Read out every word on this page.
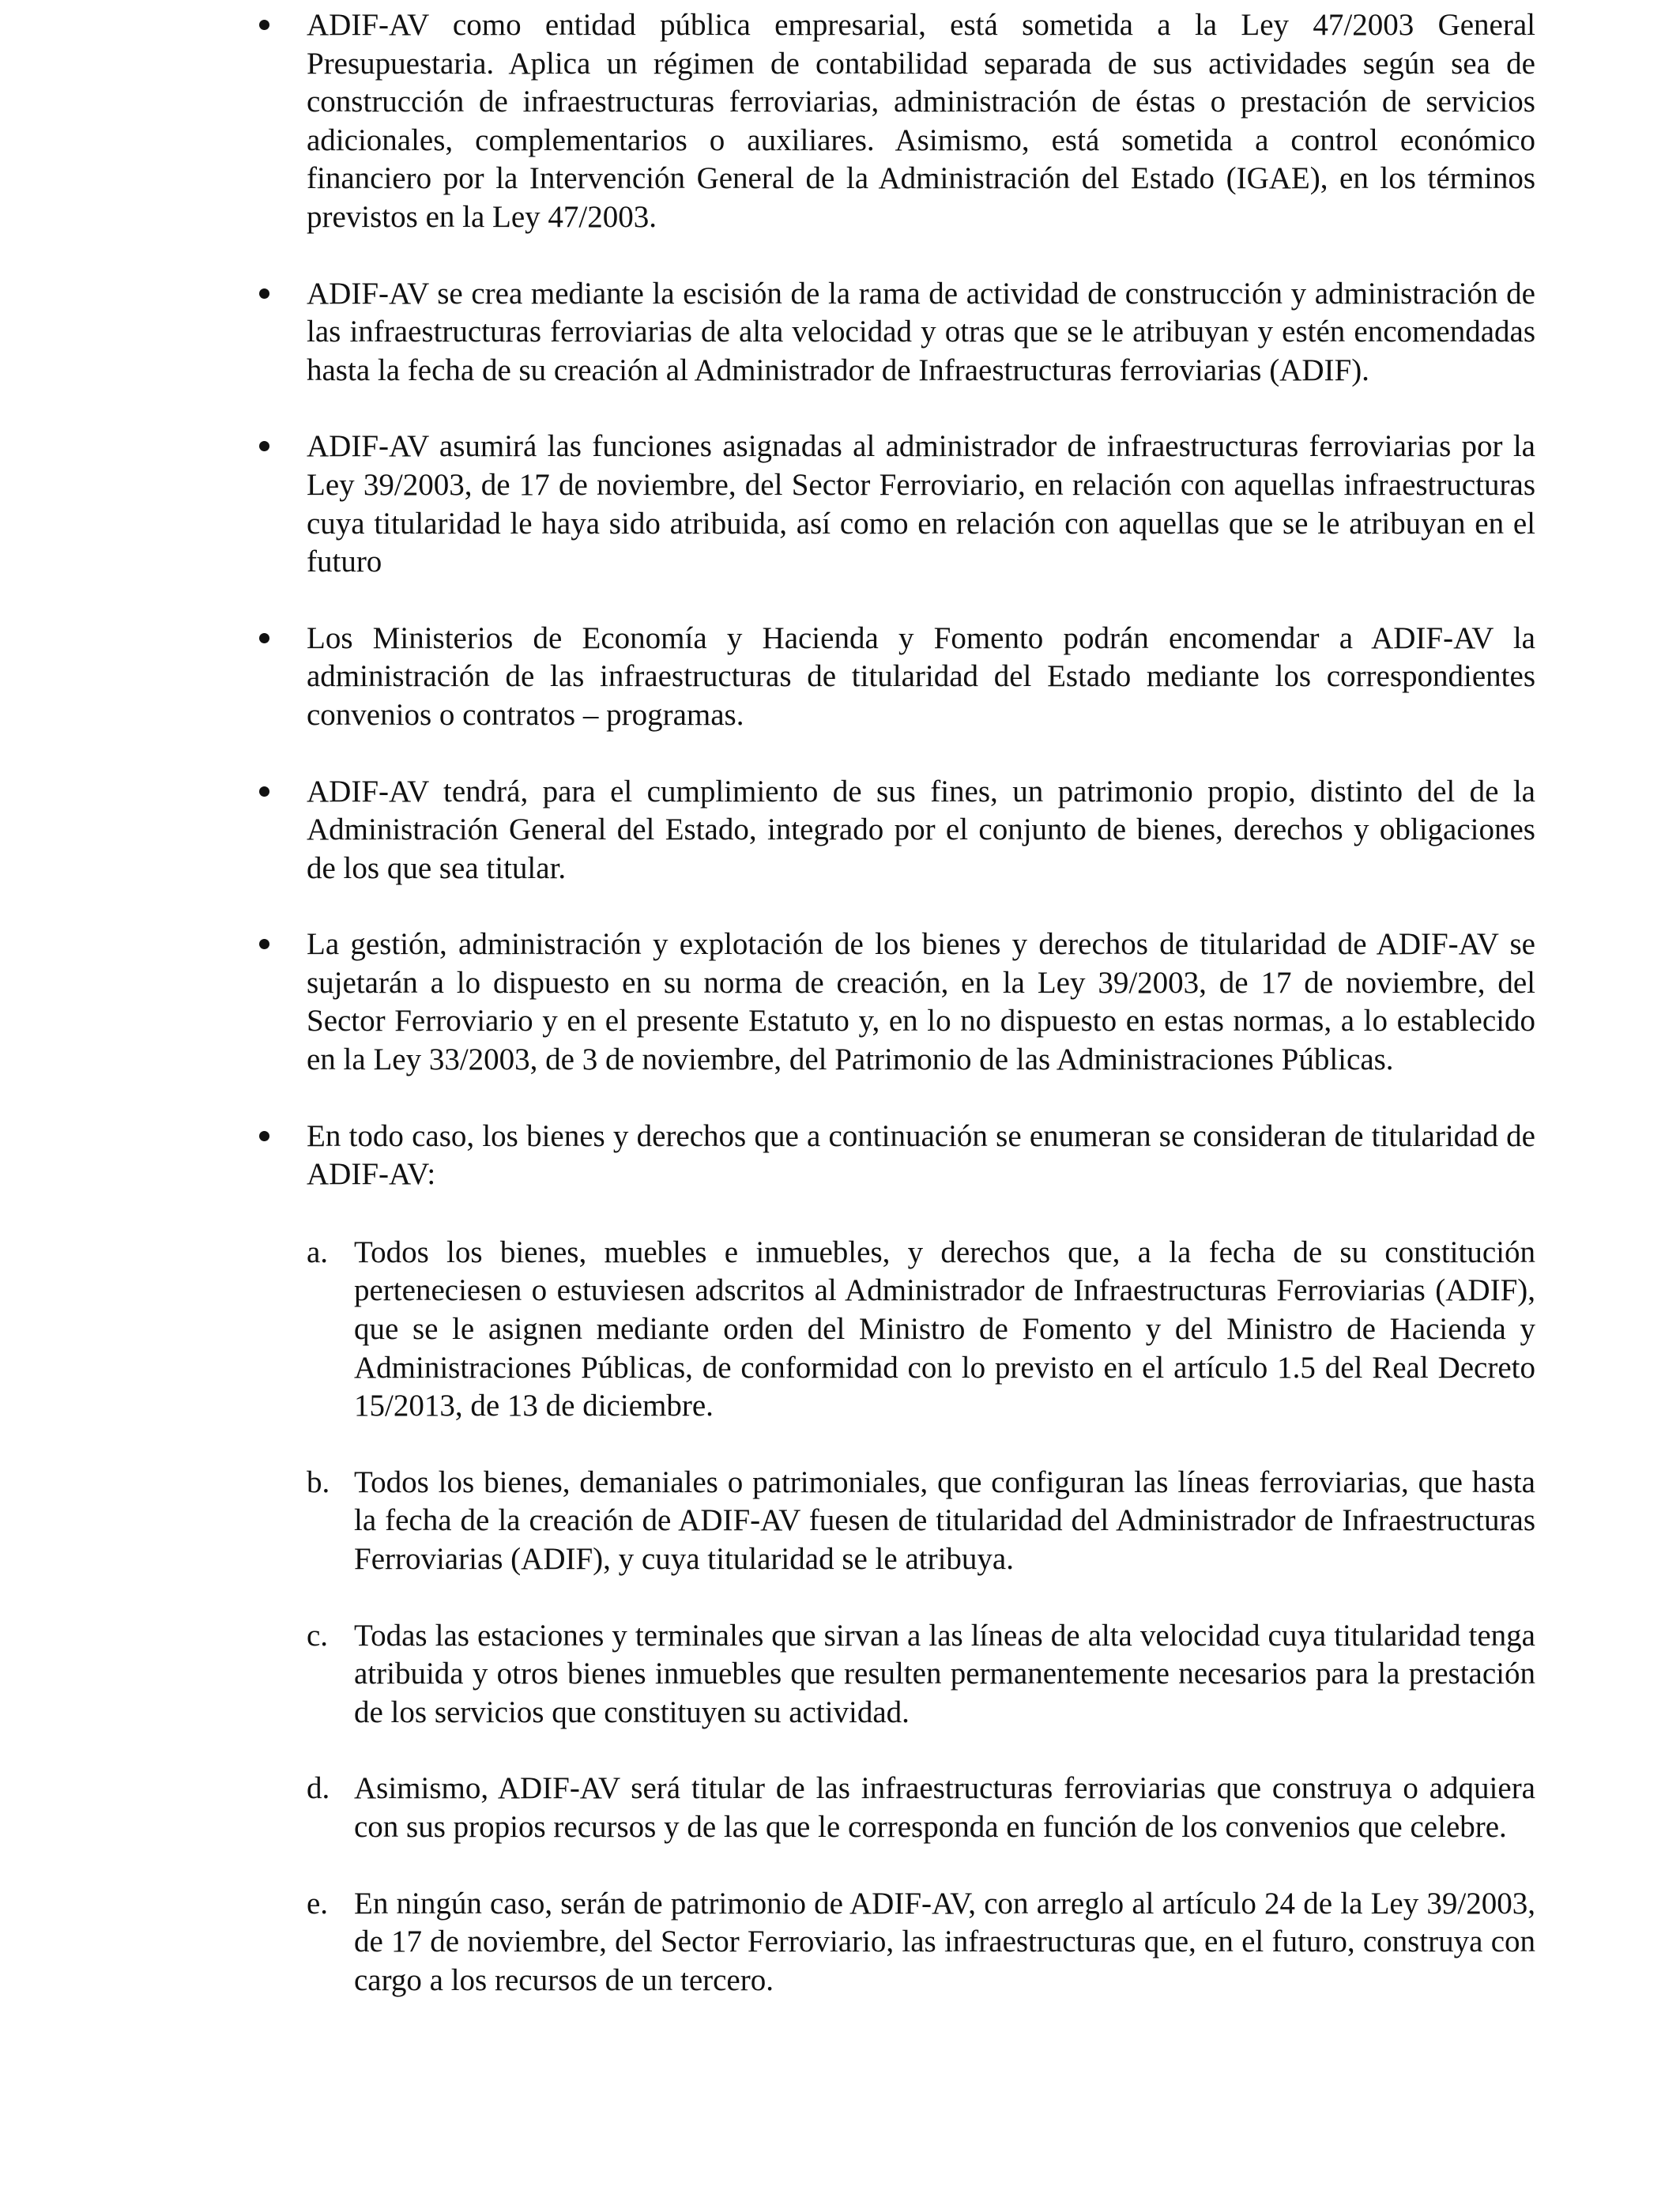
ADIF-AV como entidad pública empresarial, está sometida a la Ley 47/2003 General Presupuestaria. Aplica un régimen de contabilidad separada de sus actividades según sea de construcción de infraestructuras ferroviarias, administración de éstas o prestación de servicios adicionales, complementarios o auxiliares. Asimismo, está sometida a control económico financiero por la Intervención General de la Administración del Estado (IGAE), en los términos previstos en la Ley 47/2003.
ADIF-AV se crea mediante la escisión de la rama de actividad de construcción y administración de las infraestructuras ferroviarias de alta velocidad y otras que se le atribuyan y estén encomendadas hasta la fecha de su creación al Administrador de Infraestructuras ferroviarias (ADIF).
ADIF-AV asumirá las funciones asignadas al administrador de infraestructuras ferroviarias por la Ley 39/2003, de 17 de noviembre, del Sector Ferroviario, en relación con aquellas infraestructuras cuya titularidad le haya sido atribuida, así como en relación con aquellas que se le atribuyan en el futuro
Los Ministerios de Economía y Hacienda y Fomento podrán encomendar a ADIF-AV la administración de las infraestructuras de titularidad del Estado mediante los correspondientes convenios o contratos – programas.
ADIF-AV tendrá, para el cumplimiento de sus fines, un patrimonio propio, distinto del de la Administración General del Estado, integrado por el conjunto de bienes, derechos y obligaciones de los que sea titular.
La gestión, administración y explotación de los bienes y derechos de titularidad de ADIF-AV se sujetarán a lo dispuesto en su norma de creación, en la Ley 39/2003, de 17 de noviembre, del Sector Ferroviario y en el presente Estatuto y, en lo no dispuesto en estas normas, a lo establecido en la Ley 33/2003, de 3 de noviembre, del Patrimonio de las Administraciones Públicas.
En todo caso, los bienes y derechos que a continuación se enumeran se consideran de titularidad de ADIF-AV:
a. Todos los bienes, muebles e inmuebles, y derechos que, a la fecha de su constitución perteneciesen o estuviesen adscritos al Administrador de Infraestructuras Ferroviarias (ADIF), que se le asignen mediante orden del Ministro de Fomento y del Ministro de Hacienda y Administraciones Públicas, de conformidad con lo previsto en el artículo 1.5 del Real Decreto 15/2013, de 13 de diciembre.
b. Todos los bienes, demaniales o patrimoniales, que configuran las líneas ferroviarias, que hasta la fecha de la creación de ADIF-AV fuesen de titularidad del Administrador de Infraestructuras Ferroviarias (ADIF), y cuya titularidad se le atribuya.
c. Todas las estaciones y terminales que sirvan a las líneas de alta velocidad cuya titularidad tenga atribuida y otros bienes inmuebles que resulten permanentemente necesarios para la prestación de los servicios que constituyen su actividad.
d. Asimismo, ADIF-AV será titular de las infraestructuras ferroviarias que construya o adquiera con sus propios recursos y de las que le corresponda en función de los convenios que celebre.
e. En ningún caso, serán de patrimonio de ADIF-AV, con arreglo al artículo 24 de la Ley 39/2003, de 17 de noviembre, del Sector Ferroviario, las infraestructuras que, en el futuro, construya con cargo a los recursos de un tercero.
